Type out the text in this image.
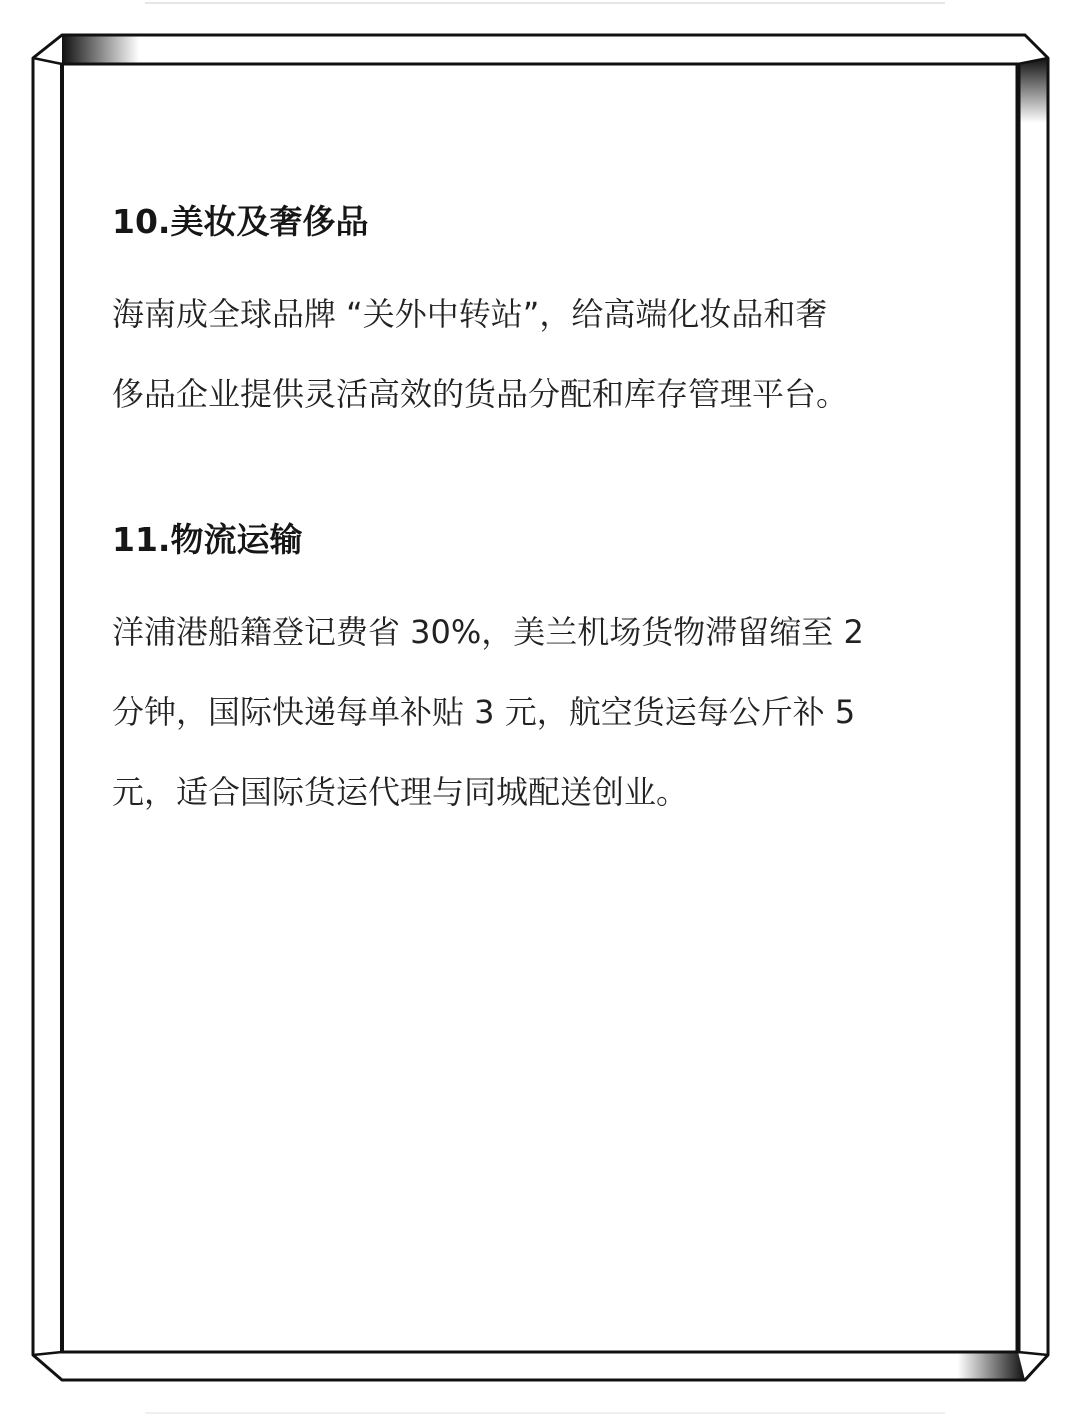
10.美妆及奢侈品

海南成全球品牌 “关外中转站”，给高端化妆品和奢

侈品企业提供灵活高效的货品分配和库存管理平台。

11.物流运输

洋浦港船籍登记费省 30%，美兰机场货物滞留缩至 2

分钟，国际快递每单补贴 3 元，航空货运每公斤补 5

元，适合国际货运代理与同城配送创业。
